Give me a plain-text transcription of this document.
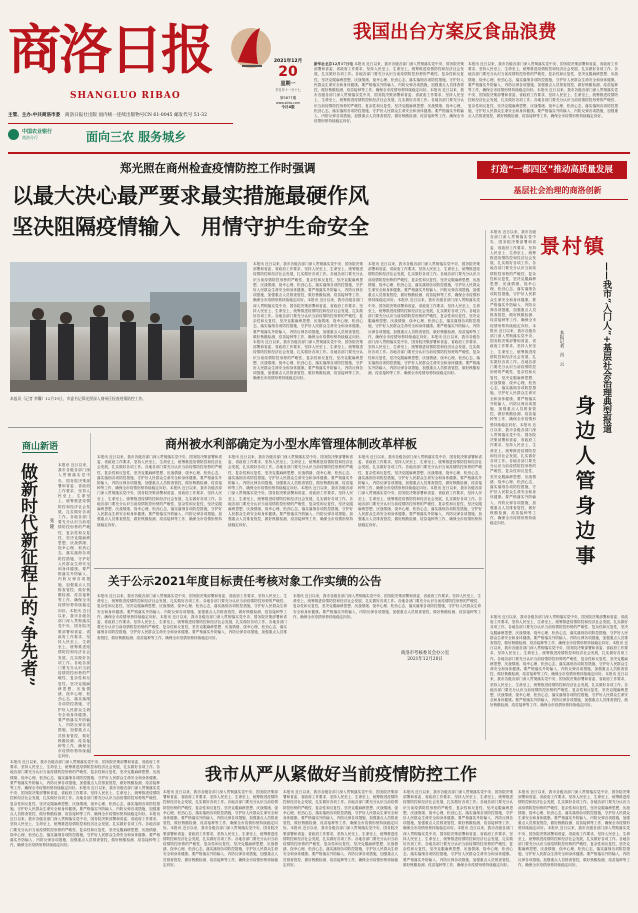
商洛日报
SHANGLUO RIBAO
主管、主办:中共商洛市委　 商洛日报社出版 国内统一连续出版物号CN 61-0045 邮发代号 51-32
中国农业银行
商洛分行	面向三农 服务城乡
2021年12月
20
星期一
辛丑年十一月十七
第5877期
www.slrbs.com
今日4版
我国出台方案反食品浪费
新华社北京12月17日电 本报讯 近日以来，我市各级各部门深入贯彻落实党中央、国务院决策部署和省委、省政府工作要求，坚持人民至上、生命至上，统筹推进疫情防控和经济社会发展，扎实做好各项工作。各地各部门要充分认识当前疫情防控形势的严峻性、复杂性和反复性，坚决克服麻痹思想、厌战情绪、侥幸心理、松劲心态，落实落细各项防控措施，守护好人民群众生命安全和身体健康。要严格落实外防输入、内防反弹各项措施，加强重点人员排查管控，做好核酸检测、疫苗接种等工作，确保全市疫情形势持续稳定向好。本报讯 近日以来，我市各级各部门深入贯彻落实党中央、国务院决策部署和省委、省政府工作要求，坚持人民至上、生命至上，统筹推进疫情防控和经济社会发展，扎实做好各项工作。各地各部门要充分认识当前疫情防控形势的严峻性、复杂性和反复性，坚决克服麻痹思想、厌战情绪、侥幸心理、松劲心态，落实落细各项防控措施，守护好人民群众生命安全和身体健康。要严格落实外防输入、内防反弹各项措施，加强重点人员排查管控，做好核酸检测、疫苗接种等工作，确保全市疫情形势持续稳定向好。
本报讯 近日以来，我市各级各部门深入贯彻落实党中央、国务院决策部署和省委、省政府工作要求，坚持人民至上、生命至上，统筹推进疫情防控和经济社会发展，扎实做好各项工作。各地各部门要充分认识当前疫情防控形势的严峻性、复杂性和反复性，坚决克服麻痹思想、厌战情绪、侥幸心理、松劲心态，落实落细各项防控措施，守护好人民群众生命安全和身体健康。要严格落实外防输入、内防反弹各项措施，加强重点人员排查管控，做好核酸检测、疫苗接种等工作，确保全市疫情形势持续稳定向好。本报讯 近日以来，我市各级各部门深入贯彻落实党中央、国务院决策部署和省委、省政府工作要求，坚持人民至上、生命至上，统筹推进疫情防控和经济社会发展，扎实做好各项工作。各地各部门要充分认识当前疫情防控形势的严峻性、复杂性和反复性，坚决克服麻痹思想、厌战情绪、侥幸心理、松劲心态，落实落细各项防控措施，守护好人民群众生命安全和身体健康。要严格落实外防输入、内防反弹各项措施，加强重点人员排查管控，做好核酸检测、疫苗接种等工作，确保全市疫情形势持续稳定向好。
郑光照在商州检查疫情防控工作时强调
以最大决心最严要求最实措施最硬作风
坚决阻隔疫情输入　用情守护生命安全
打造“一都四区”推动高质量发展
基层社会治理的商洛创新
本报讯（记者 李馨）12月19日，市委书记郑光照深入商州区检查疫情防控工作。
本报讯 近日以来，我市各级各部门深入贯彻落实党中央、国务院决策部署和省委、省政府工作要求，坚持人民至上、生命至上，统筹推进疫情防控和经济社会发展，扎实做好各项工作。各地各部门要充分认识当前疫情防控形势的严峻性、复杂性和反复性，坚决克服麻痹思想、厌战情绪、侥幸心理、松劲心态，落实落细各项防控措施，守护好人民群众生命安全和身体健康。要严格落实外防输入、内防反弹各项措施，加强重点人员排查管控，做好核酸检测、疫苗接种等工作，确保全市疫情形势持续稳定向好。本报讯 近日以来，我市各级各部门深入贯彻落实党中央、国务院决策部署和省委、省政府工作要求，坚持人民至上、生命至上，统筹推进疫情防控和经济社会发展，扎实做好各项工作。各地各部门要充分认识当前疫情防控形势的严峻性、复杂性和反复性，坚决克服麻痹思想、厌战情绪、侥幸心理、松劲心态，落实落细各项防控措施，守护好人民群众生命安全和身体健康。要严格落实外防输入、内防反弹各项措施，加强重点人员排查管控，做好核酸检测、疫苗接种等工作，确保全市疫情形势持续稳定向好。本报讯 近日以来，我市各级各部门深入贯彻落实党中央、国务院决策部署和省委、省政府工作要求，坚持人民至上、生命至上，统筹推进疫情防控和经济社会发展，扎实做好各项工作。各地各部门要充分认识当前疫情防控形势的严峻性、复杂性和反复性，坚决克服麻痹思想、厌战情绪、侥幸心理、松劲心态，落实落细各项防控措施，守护好人民群众生命安全和身体健康。要严格落实外防输入、内防反弹各项措施，加强重点人员排查管控，做好核酸检测、疫苗接种等工作，确保全市疫情形势持续稳定向好。
本报讯 近日以来，我市各级各部门深入贯彻落实党中央、国务院决策部署和省委、省政府工作要求，坚持人民至上、生命至上，统筹推进疫情防控和经济社会发展，扎实做好各项工作。各地各部门要充分认识当前疫情防控形势的严峻性、复杂性和反复性，坚决克服麻痹思想、厌战情绪、侥幸心理、松劲心态，落实落细各项防控措施，守护好人民群众生命安全和身体健康。要严格落实外防输入、内防反弹各项措施，加强重点人员排查管控，做好核酸检测、疫苗接种等工作，确保全市疫情形势持续稳定向好。本报讯 近日以来，我市各级各部门深入贯彻落实党中央、国务院决策部署和省委、省政府工作要求，坚持人民至上、生命至上，统筹推进疫情防控和经济社会发展，扎实做好各项工作。各地各部门要充分认识当前疫情防控形势的严峻性、复杂性和反复性，坚决克服麻痹思想、厌战情绪、侥幸心理、松劲心态，落实落细各项防控措施，守护好人民群众生命安全和身体健康。要严格落实外防输入、内防反弹各项措施，加强重点人员排查管控，做好核酸检测、疫苗接种等工作，确保全市疫情形势持续稳定向好。本报讯 近日以来，我市各级各部门深入贯彻落实党中央、国务院决策部署和省委、省政府工作要求，坚持人民至上、生命至上，统筹推进疫情防控和经济社会发展，扎实做好各项工作。各地各部门要充分认识当前疫情防控形势的严峻性、复杂性和反复性，坚决克服麻痹思想、厌战情绪、侥幸心理、松劲心态，落实落细各项防控措施，守护好人民群众生命安全和身体健康。要严格落实外防输入、内防反弹各项措施，加强重点人员排查管控，做好核酸检测、疫苗接种等工作，确保全市疫情形势持续稳定向好。
本报讯 近日以来，我市各级各部门深入贯彻落实党中央、国务院决策部署和省委、省政府工作要求，坚持人民至上、生命至上，统筹推进疫情防控和经济社会发展，扎实做好各项工作。各地各部门要充分认识当前疫情防控形势的严峻性、复杂性和反复性，坚决克服麻痹思想、厌战情绪、侥幸心理、松劲心态，落实落细各项防控措施，守护好人民群众生命安全和身体健康。要严格落实外防输入、内防反弹各项措施，加强重点人员排查管控，做好核酸检测、疫苗接种等工作，确保全市疫情形势持续稳定向好。本报讯 近日以来，我市各级各部门深入贯彻落实党中央、国务院决策部署和省委、省政府工作要求，坚持人民至上、生命至上，统筹推进疫情防控和经济社会发展，扎实做好各项工作。各地各部门要充分认识当前疫情防控形势的严峻性、复杂性和反复性，坚决克服麻痹思想、厌战情绪、侥幸心理、松劲心态，落实落细各项防控措施，守护好人民群众生命安全和身体健康。要严格落实外防输入、内防反弹各项措施，加强重点人员排查管控，做好核酸检测、疫苗接种等工作，确保全市疫情形势持续稳定向好。本报讯 近日以来，我市各级各部门深入贯彻落实党中央、国务院决策部署和省委、省政府工作要求，坚持人民至上、生命至上，统筹推进疫情防控和经济社会发展，扎实做好各项工作。各地各部门要充分认识当前疫情防控形势的严峻性、复杂性和反复性，坚决克服麻痹思想、厌战情绪、侥幸心理、松劲心态，落实落细各项防控措施，守护好人民群众生命安全和身体健康。要严格落实外防输入、内防反弹各项措施，加强重点人员排查管控，做好核酸检测、疫苗接种等工作，确保全市疫情形势持续稳定向好。
景村镇
——我市“入门人”+基层社会治理典型报道
身边人管身边事
本报记者　肖　云
本报讯 近日以来，我市各级各部门深入贯彻落实党中央、国务院决策部署和省委、省政府工作要求，坚持人民至上、生命至上，统筹推进疫情防控和经济社会发展，扎实做好各项工作。各地各部门要充分认识当前疫情防控形势的严峻性、复杂性和反复性，坚决克服麻痹思想、厌战情绪、侥幸心理、松劲心态，落实落细各项防控措施，守护好人民群众生命安全和身体健康。要严格落实外防输入、内防反弹各项措施，加强重点人员排查管控，做好核酸检测、疫苗接种等工作，确保全市疫情形势持续稳定向好。本报讯 近日以来，我市各级各部门深入贯彻落实党中央、国务院决策部署和省委、省政府工作要求，坚持人民至上、生命至上，统筹推进疫情防控和经济社会发展，扎实做好各项工作。各地各部门要充分认识当前疫情防控形势的严峻性、复杂性和反复性，坚决克服麻痹思想、厌战情绪、侥幸心理、松劲心态，落实落细各项防控措施，守护好人民群众生命安全和身体健康。要严格落实外防输入、内防反弹各项措施，加强重点人员排查管控，做好核酸检测、疫苗接种等工作，确保全市疫情形势持续稳定向好。本报讯 近日以来，我市各级各部门深入贯彻落实党中央、国务院决策部署和省委、省政府工作要求，坚持人民至上、生命至上，统筹推进疫情防控和经济社会发展，扎实做好各项工作。各地各部门要充分认识当前疫情防控形势的严峻性、复杂性和反复性，坚决克服麻痹思想、厌战情绪、侥幸心理、松劲心态，落实落细各项防控措施，守护好人民群众生命安全和身体健康。要严格落实外防输入、内防反弹各项措施，加强重点人员排查管控，做好核酸检测、疫苗接种等工作，确保全市疫情形势持续稳定向好。
商山新语
做新时代新征程上的“争先者”	张 隆
本报讯 近日以来，我市各级各部门深入贯彻落实党中央、国务院决策部署和省委、省政府工作要求，坚持人民至上、生命至上，统筹推进疫情防控和经济社会发展，扎实做好各项工作。各地各部门要充分认识当前疫情防控形势的严峻性、复杂性和反复性，坚决克服麻痹思想、厌战情绪、侥幸心理、松劲心态，落实落细各项防控措施，守护好人民群众生命安全和身体健康。要严格落实外防输入、内防反弹各项措施，加强重点人员排查管控，做好核酸检测、疫苗接种等工作，确保全市疫情形势持续稳定向好。本报讯 近日以来，我市各级各部门深入贯彻落实党中央、国务院决策部署和省委、省政府工作要求，坚持人民至上、生命至上，统筹推进疫情防控和经济社会发展，扎实做好各项工作。各地各部门要充分认识当前疫情防控形势的严峻性、复杂性和反复性，坚决克服麻痹思想、厌战情绪、侥幸心理、松劲心态，落实落细各项防控措施，守护好人民群众生命安全和身体健康。要严格落实外防输入、内防反弹各项措施，加强重点人员排查管控，做好核酸检测、疫苗接种等工作，确保全市疫情形势持续稳定向好。
商州被水利部确定为小型水库管理体制改革样板
本报讯 近日以来，我市各级各部门深入贯彻落实党中央、国务院决策部署和省委、省政府工作要求，坚持人民至上、生命至上，统筹推进疫情防控和经济社会发展，扎实做好各项工作。各地各部门要充分认识当前疫情防控形势的严峻性、复杂性和反复性，坚决克服麻痹思想、厌战情绪、侥幸心理、松劲心态，落实落细各项防控措施，守护好人民群众生命安全和身体健康。要严格落实外防输入、内防反弹各项措施，加强重点人员排查管控，做好核酸检测、疫苗接种等工作，确保全市疫情形势持续稳定向好。本报讯 近日以来，我市各级各部门深入贯彻落实党中央、国务院决策部署和省委、省政府工作要求，坚持人民至上、生命至上，统筹推进疫情防控和经济社会发展，扎实做好各项工作。各地各部门要充分认识当前疫情防控形势的严峻性、复杂性和反复性，坚决克服麻痹思想、厌战情绪、侥幸心理、松劲心态，落实落细各项防控措施，守护好人民群众生命安全和身体健康。要严格落实外防输入、内防反弹各项措施，加强重点人员排查管控，做好核酸检测、疫苗接种等工作，确保全市疫情形势持续稳定向好。
本报讯 近日以来，我市各级各部门深入贯彻落实党中央、国务院决策部署和省委、省政府工作要求，坚持人民至上、生命至上，统筹推进疫情防控和经济社会发展，扎实做好各项工作。各地各部门要充分认识当前疫情防控形势的严峻性、复杂性和反复性，坚决克服麻痹思想、厌战情绪、侥幸心理、松劲心态，落实落细各项防控措施，守护好人民群众生命安全和身体健康。要严格落实外防输入、内防反弹各项措施，加强重点人员排查管控，做好核酸检测、疫苗接种等工作，确保全市疫情形势持续稳定向好。本报讯 近日以来，我市各级各部门深入贯彻落实党中央、国务院决策部署和省委、省政府工作要求，坚持人民至上、生命至上，统筹推进疫情防控和经济社会发展，扎实做好各项工作。各地各部门要充分认识当前疫情防控形势的严峻性、复杂性和反复性，坚决克服麻痹思想、厌战情绪、侥幸心理、松劲心态，落实落细各项防控措施，守护好人民群众生命安全和身体健康。要严格落实外防输入、内防反弹各项措施，加强重点人员排查管控，做好核酸检测、疫苗接种等工作，确保全市疫情形势持续稳定向好。
本报讯 近日以来，我市各级各部门深入贯彻落实党中央、国务院决策部署和省委、省政府工作要求，坚持人民至上、生命至上，统筹推进疫情防控和经济社会发展，扎实做好各项工作。各地各部门要充分认识当前疫情防控形势的严峻性、复杂性和反复性，坚决克服麻痹思想、厌战情绪、侥幸心理、松劲心态，落实落细各项防控措施，守护好人民群众生命安全和身体健康。要严格落实外防输入、内防反弹各项措施，加强重点人员排查管控，做好核酸检测、疫苗接种等工作，确保全市疫情形势持续稳定向好。本报讯 近日以来，我市各级各部门深入贯彻落实党中央、国务院决策部署和省委、省政府工作要求，坚持人民至上、生命至上，统筹推进疫情防控和经济社会发展，扎实做好各项工作。各地各部门要充分认识当前疫情防控形势的严峻性、复杂性和反复性，坚决克服麻痹思想、厌战情绪、侥幸心理、松劲心态，落实落细各项防控措施，守护好人民群众生命安全和身体健康。要严格落实外防输入、内防反弹各项措施，加强重点人员排查管控，做好核酸检测、疫苗接种等工作，确保全市疫情形势持续稳定向好。
关于公示2021年度目标责任考核对象工作实绩的公告
本报讯 近日以来，我市各级各部门深入贯彻落实党中央、国务院决策部署和省委、省政府工作要求，坚持人民至上、生命至上，统筹推进疫情防控和经济社会发展，扎实做好各项工作。各地各部门要充分认识当前疫情防控形势的严峻性、复杂性和反复性，坚决克服麻痹思想、厌战情绪、侥幸心理、松劲心态，落实落细各项防控措施，守护好人民群众生命安全和身体健康。要严格落实外防输入、内防反弹各项措施，加强重点人员排查管控，做好核酸检测、疫苗接种等工作，确保全市疫情形势持续稳定向好。本报讯 近日以来，我市各级各部门深入贯彻落实党中央、国务院决策部署和省委、省政府工作要求，坚持人民至上、生命至上，统筹推进疫情防控和经济社会发展，扎实做好各项工作。各地各部门要充分认识当前疫情防控形势的严峻性、复杂性和反复性，坚决克服麻痹思想、厌战情绪、侥幸心理、松劲心态，落实落细各项防控措施，守护好人民群众生命安全和身体健康。要严格落实外防输入、内防反弹各项措施，加强重点人员排查管控，做好核酸检测、疫苗接种等工作，确保全市疫情形势持续稳定向好。
本报讯 近日以来，我市各级各部门深入贯彻落实党中央、国务院决策部署和省委、省政府工作要求，坚持人民至上、生命至上，统筹推进疫情防控和经济社会发展，扎实做好各项工作。各地各部门要充分认识当前疫情防控形势的严峻性、复杂性和反复性，坚决克服麻痹思想、厌战情绪、侥幸心理、松劲心态，落实落细各项防控措施，守护好人民群众生命安全和身体健康。要严格落实外防输入、内防反弹各项措施，加强重点人员排查管控，做好核酸检测、疫苗接种等工作，确保全市疫情形势持续稳定向好。
商洛市考核委员会办公室
2021年12月20日
我市从严从紧做好当前疫情防控工作
本报讯 近日以来，我市各级各部门深入贯彻落实党中央、国务院决策部署和省委、省政府工作要求，坚持人民至上、生命至上，统筹推进疫情防控和经济社会发展，扎实做好各项工作。各地各部门要充分认识当前疫情防控形势的严峻性、复杂性和反复性，坚决克服麻痹思想、厌战情绪、侥幸心理、松劲心态，落实落细各项防控措施，守护好人民群众生命安全和身体健康。要严格落实外防输入、内防反弹各项措施，加强重点人员排查管控，做好核酸检测、疫苗接种等工作，确保全市疫情形势持续稳定向好。本报讯 近日以来，我市各级各部门深入贯彻落实党中央、国务院决策部署和省委、省政府工作要求，坚持人民至上、生命至上，统筹推进疫情防控和经济社会发展，扎实做好各项工作。各地各部门要充分认识当前疫情防控形势的严峻性、复杂性和反复性，坚决克服麻痹思想、厌战情绪、侥幸心理、松劲心态，落实落细各项防控措施，守护好人民群众生命安全和身体健康。要严格落实外防输入、内防反弹各项措施，加强重点人员排查管控，做好核酸检测、疫苗接种等工作，确保全市疫情形势持续稳定向好。本报讯 近日以来，我市各级各部门深入贯彻落实党中央、国务院决策部署和省委、省政府工作要求，坚持人民至上、生命至上，统筹推进疫情防控和经济社会发展，扎实做好各项工作。各地各部门要充分认识当前疫情防控形势的严峻性、复杂性和反复性，坚决克服麻痹思想、厌战情绪、侥幸心理、松劲心态，落实落细各项防控措施，守护好人民群众生命安全和身体健康。要严格落实外防输入、内防反弹各项措施，加强重点人员排查管控，做好核酸检测、疫苗接种等工作，确保全市疫情形势持续稳定向好。
本报讯 近日以来，我市各级各部门深入贯彻落实党中央、国务院决策部署和省委、省政府工作要求，坚持人民至上、生命至上，统筹推进疫情防控和经济社会发展，扎实做好各项工作。各地各部门要充分认识当前疫情防控形势的严峻性、复杂性和反复性，坚决克服麻痹思想、厌战情绪、侥幸心理、松劲心态，落实落细各项防控措施，守护好人民群众生命安全和身体健康。要严格落实外防输入、内防反弹各项措施，加强重点人员排查管控，做好核酸检测、疫苗接种等工作，确保全市疫情形势持续稳定向好。本报讯 近日以来，我市各级各部门深入贯彻落实党中央、国务院决策部署和省委、省政府工作要求，坚持人民至上、生命至上，统筹推进疫情防控和经济社会发展，扎实做好各项工作。各地各部门要充分认识当前疫情防控形势的严峻性、复杂性和反复性，坚决克服麻痹思想、厌战情绪、侥幸心理、松劲心态，落实落细各项防控措施，守护好人民群众生命安全和身体健康。要严格落实外防输入、内防反弹各项措施，加强重点人员排查管控，做好核酸检测、疫苗接种等工作，确保全市疫情形势持续稳定向好。
本报讯 近日以来，我市各级各部门深入贯彻落实党中央、国务院决策部署和省委、省政府工作要求，坚持人民至上、生命至上，统筹推进疫情防控和经济社会发展，扎实做好各项工作。各地各部门要充分认识当前疫情防控形势的严峻性、复杂性和反复性，坚决克服麻痹思想、厌战情绪、侥幸心理、松劲心态，落实落细各项防控措施，守护好人民群众生命安全和身体健康。要严格落实外防输入、内防反弹各项措施，加强重点人员排查管控，做好核酸检测、疫苗接种等工作，确保全市疫情形势持续稳定向好。本报讯 近日以来，我市各级各部门深入贯彻落实党中央、国务院决策部署和省委、省政府工作要求，坚持人民至上、生命至上，统筹推进疫情防控和经济社会发展，扎实做好各项工作。各地各部门要充分认识当前疫情防控形势的严峻性、复杂性和反复性，坚决克服麻痹思想、厌战情绪、侥幸心理、松劲心态，落实落细各项防控措施，守护好人民群众生命安全和身体健康。要严格落实外防输入、内防反弹各项措施，加强重点人员排查管控，做好核酸检测、疫苗接种等工作，确保全市疫情形势持续稳定向好。
本报讯 近日以来，我市各级各部门深入贯彻落实党中央、国务院决策部署和省委、省政府工作要求，坚持人民至上、生命至上，统筹推进疫情防控和经济社会发展，扎实做好各项工作。各地各部门要充分认识当前疫情防控形势的严峻性、复杂性和反复性，坚决克服麻痹思想、厌战情绪、侥幸心理、松劲心态，落实落细各项防控措施，守护好人民群众生命安全和身体健康。要严格落实外防输入、内防反弹各项措施，加强重点人员排查管控，做好核酸检测、疫苗接种等工作，确保全市疫情形势持续稳定向好。本报讯 近日以来，我市各级各部门深入贯彻落实党中央、国务院决策部署和省委、省政府工作要求，坚持人民至上、生命至上，统筹推进疫情防控和经济社会发展，扎实做好各项工作。各地各部门要充分认识当前疫情防控形势的严峻性、复杂性和反复性，坚决克服麻痹思想、厌战情绪、侥幸心理、松劲心态，落实落细各项防控措施，守护好人民群众生命安全和身体健康。要严格落实外防输入、内防反弹各项措施，加强重点人员排查管控，做好核酸检测、疫苗接种等工作，确保全市疫情形势持续稳定向好。
本报讯 近日以来，我市各级各部门深入贯彻落实党中央、国务院决策部署和省委、省政府工作要求，坚持人民至上、生命至上，统筹推进疫情防控和经济社会发展，扎实做好各项工作。各地各部门要充分认识当前疫情防控形势的严峻性、复杂性和反复性，坚决克服麻痹思想、厌战情绪、侥幸心理、松劲心态，落实落细各项防控措施，守护好人民群众生命安全和身体健康。要严格落实外防输入、内防反弹各项措施，加强重点人员排查管控，做好核酸检测、疫苗接种等工作，确保全市疫情形势持续稳定向好。本报讯 近日以来，我市各级各部门深入贯彻落实党中央、国务院决策部署和省委、省政府工作要求，坚持人民至上、生命至上，统筹推进疫情防控和经济社会发展，扎实做好各项工作。各地各部门要充分认识当前疫情防控形势的严峻性、复杂性和反复性，坚决克服麻痹思想、厌战情绪、侥幸心理、松劲心态，落实落细各项防控措施，守护好人民群众生命安全和身体健康。要严格落实外防输入、内防反弹各项措施，加强重点人员排查管控，做好核酸检测、疫苗接种等工作，确保全市疫情形势持续稳定向好。
